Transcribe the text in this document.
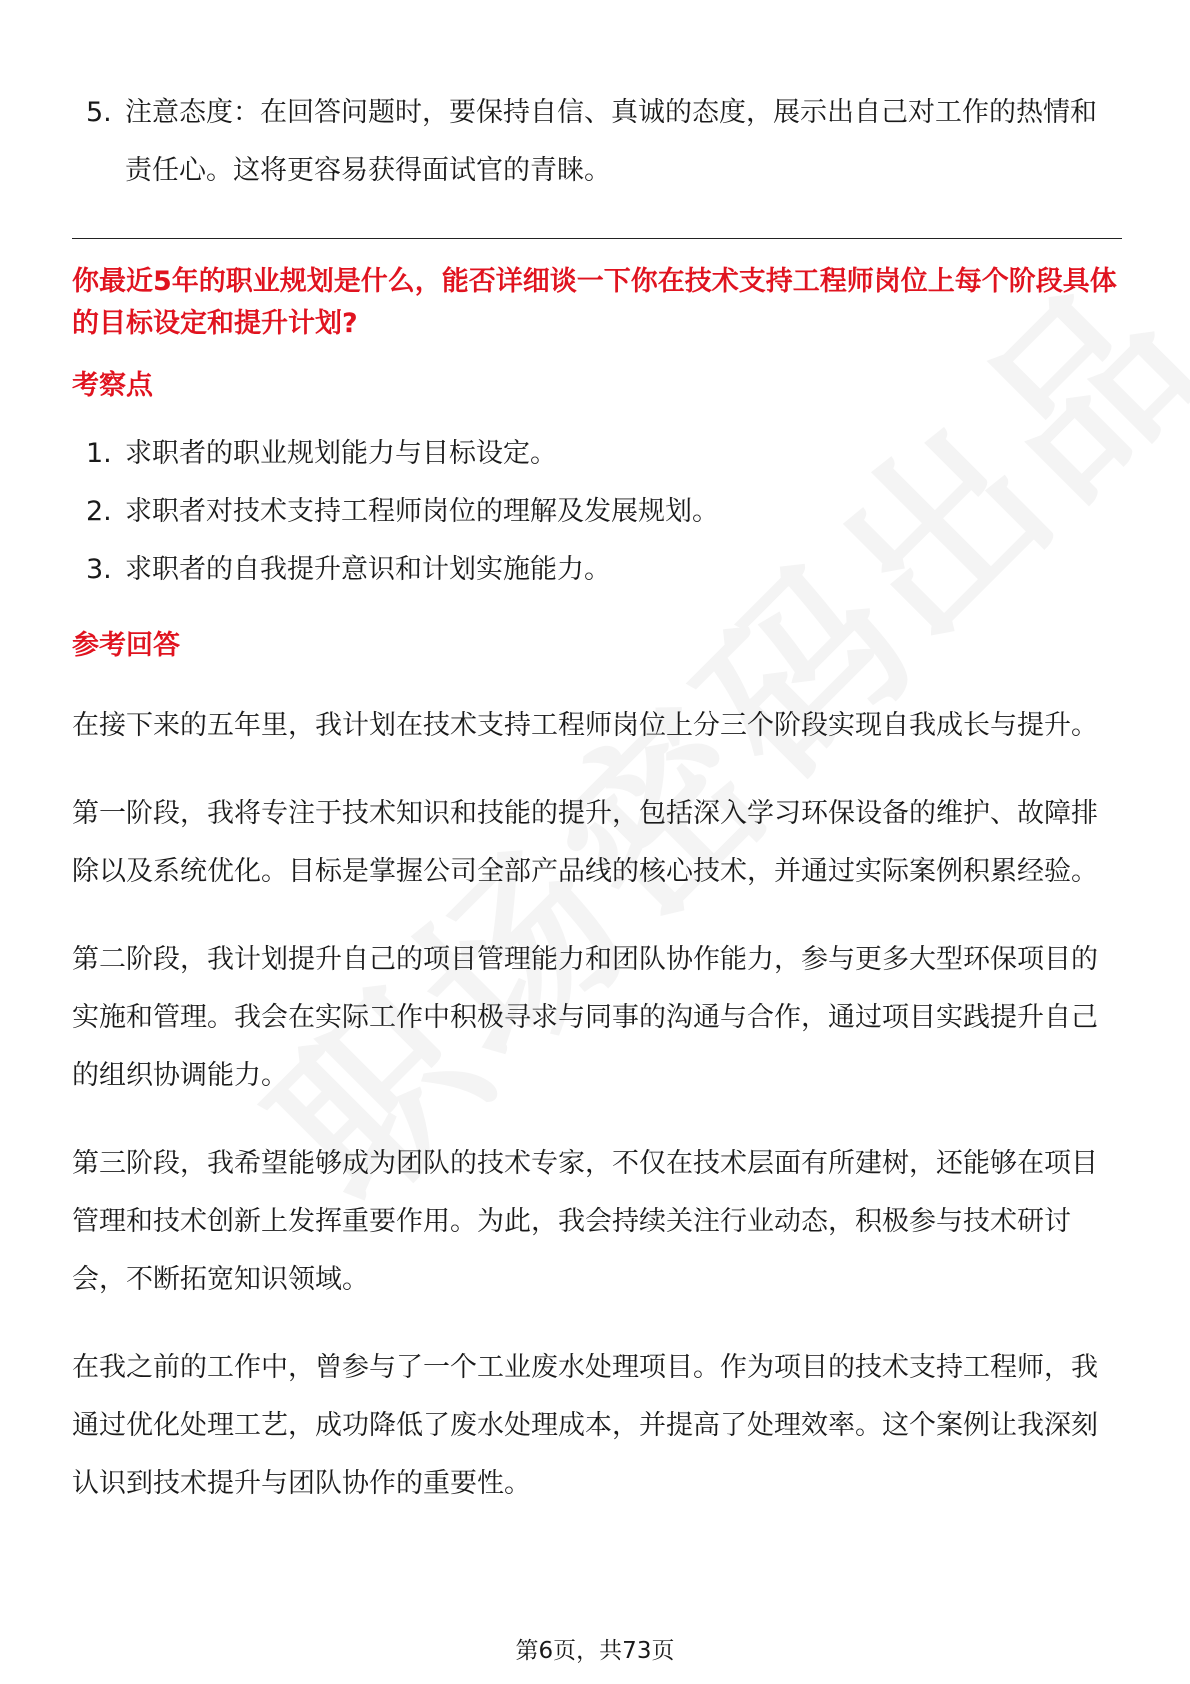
5. 注意态度：在回答问题时，要保持自信、真诚的态度，展示出自己对工作的热情和责任心。这将更容易获得面试官的青睐。
你最近5年的职业规划是什么，能否详细谈一下你在技术支持工程师岗位上每个阶段具体的目标设定和提升计划?
考察点
1. 求职者的职业规划能力与目标设定。
2. 求职者对技术支持工程师岗位的理解及发展规划。
3. 求职者的自我提升意识和计划实施能力。
参考回答
在接下来的五年里，我计划在技术支持工程师岗位上分三个阶段实现自我成长与提升。
第一阶段，我将专注于技术知识和技能的提升，包括深入学习环保设备的维护、故障排除以及系统优化。目标是掌握公司全部产品线的核心技术，并通过实际案例积累经验。
第二阶段，我计划提升自己的项目管理能力和团队协作能力，参与更多大型环保项目的实施和管理。我会在实际工作中积极寻求与同事的沟通与合作，通过项目实践提升自己的组织协调能力。
第三阶段，我希望能够成为团队的技术专家，不仅在技术层面有所建树，还能够在项目管理和技术创新上发挥重要作用。为此，我会持续关注行业动态，积极参与技术研讨会，不断拓宽知识领域。
在我之前的工作中，曾参与了一个工业废水处理项目。作为项目的技术支持工程师，我通过优化处理工艺，成功降低了废水处理成本，并提高了处理效率。这个案例让我深刻认识到技术提升与团队协作的重要性。
第6页，共73页
